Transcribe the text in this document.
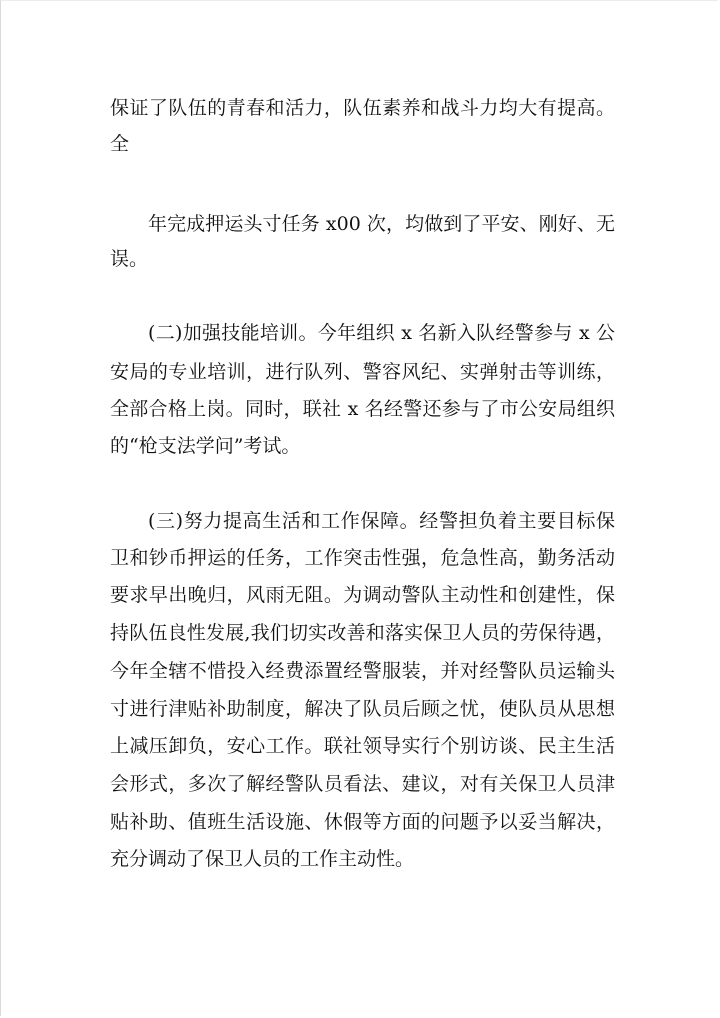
保证了队伍的青春和活力，队伍素养和战斗力均大有提高。
全
年完成押运头寸任务 x00 次，均做到了平安、刚好、无
误。
(二)加强技能培训。今年组织 x 名新入队经警参与 x 公
安局的专业培训，进行队列、警容风纪、实弹射击等训练，
全部合格上岗。同时，联社 x 名经警还参与了市公安局组织
的“枪支法学问”考试。
(三)努力提高生活和工作保障。经警担负着主要目标保
卫和钞币押运的任务，工作突击性强，危急性高，勤务活动
要求早出晚归，风雨无阻。为调动警队主动性和创建性，保
持队伍良性发展,我们切实改善和落实保卫人员的劳保待遇，
今年全辖不惜投入经费添置经警服装，并对经警队员运输头
寸进行津贴补助制度，解决了队员后顾之忧，使队员从思想
上减压卸负，安心工作。联社领导实行个别访谈、民主生活
会形式，多次了解经警队员看法、建议，对有关保卫人员津
贴补助、值班生活设施、休假等方面的问题予以妥当解决，
充分调动了保卫人员的工作主动性。
